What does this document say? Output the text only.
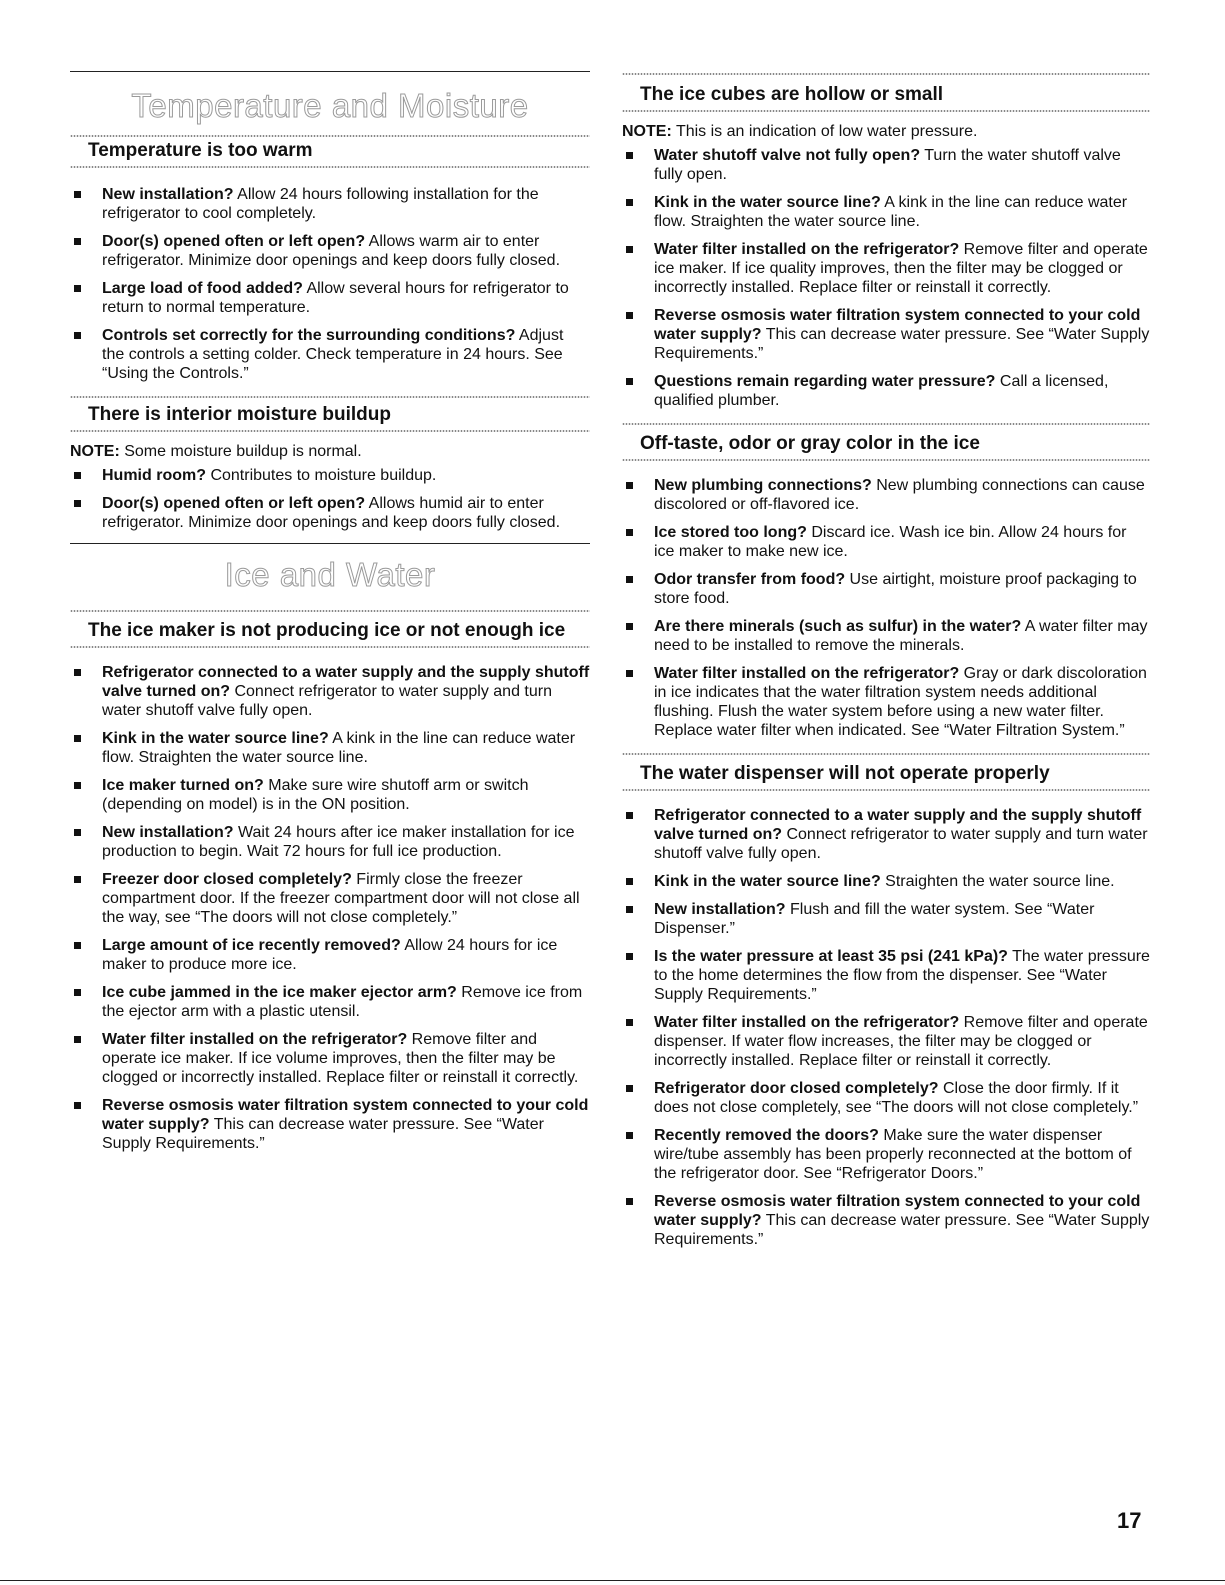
Temperature and Moisture
Temperature is too warm
New installation? Allow 24 hours following installation for the refrigerator to cool completely.
Door(s) opened often or left open? Allows warm air to enter refrigerator. Minimize door openings and keep doors fully closed.
Large load of food added? Allow several hours for refrigerator to return to normal temperature.
Controls set correctly for the surrounding conditions? Adjust the controls a setting colder. Check temperature in 24 hours. See “Using the Controls.”
There is interior moisture buildup

NOTE: Some moisture buildup is normal.

Humid room? Contributes to moisture buildup.
Door(s) opened often or left open? Allows humid air to enter refrigerator. Minimize door openings and keep doors fully closed.
Ice and Water
The ice maker is not producing ice or not enough ice
Refrigerator connected to a water supply and the supply shutoff valve turned on? Connect refrigerator to water supply and turn water shutoff valve fully open.
Kink in the water source line? A kink in the line can reduce water flow. Straighten the water source line.
Ice maker turned on? Make sure wire shutoff arm or switch (depending on model) is in the ON position.
New installation? Wait 24 hours after ice maker installation for ice production to begin. Wait 72 hours for full ice production.
Freezer door closed completely? Firmly close the freezer compartment door. If the freezer compartment door will not close all the way, see “The doors will not close completely.”
Large amount of ice recently removed? Allow 24 hours for ice maker to produce more ice.
Ice cube jammed in the ice maker ejector arm? Remove ice from the ejector arm with a plastic utensil.
Water filter installed on the refrigerator? Remove filter and operate ice maker. If ice volume improves, then the filter may be clogged or incorrectly installed. Replace filter or reinstall it correctly.
Reverse osmosis water filtration system connected to your cold water supply? This can decrease water pressure. See “Water Supply Requirements.”
The ice cubes are hollow or small

NOTE: This is an indication of low water pressure.

Water shutoff valve not fully open? Turn the water shutoff valve fully open.
Kink in the water source line? A kink in the line can reduce water flow. Straighten the water source line.
Water filter installed on the refrigerator? Remove filter and operate ice maker. If ice quality improves, then the filter may be clogged or incorrectly installed. Replace filter or reinstall it correctly.
Reverse osmosis water filtration system connected to your cold water supply? This can decrease water pressure. See “Water Supply Requirements.”
Questions remain regarding water pressure? Call a licensed, qualified plumber.
Off-taste, odor or gray color in the ice
New plumbing connections? New plumbing connections can cause discolored or off-flavored ice.
Ice stored too long? Discard ice. Wash ice bin. Allow 24 hours for ice maker to make new ice.
Odor transfer from food? Use airtight, moisture proof packaging to store food.
Are there minerals (such as sulfur) in the water? A water filter may need to be installed to remove the minerals.
Water filter installed on the refrigerator? Gray or dark discoloration in ice indicates that the water filtration system needs additional flushing. Flush the water system before using a new water filter. Replace water filter when indicated. See “Water Filtration System.”
The water dispenser will not operate properly
Refrigerator connected to a water supply and the supply shutoff valve turned on? Connect refrigerator to water supply and turn water shutoff valve fully open.
Kink in the water source line? Straighten the water source line.
New installation? Flush and fill the water system. See “Water Dispenser.”
Is the water pressure at least 35 psi (241 kPa)? The water pressure to the home determines the flow from the dispenser. See “Water Supply Requirements.”
Water filter installed on the refrigerator? Remove filter and operate dispenser. If water flow increases, the filter may be clogged or incorrectly installed. Replace filter or reinstall it correctly.
Refrigerator door closed completely? Close the door firmly. If it does not close completely, see “The doors will not close completely.”
Recently removed the doors? Make sure the water dispenser wire/tube assembly has been properly reconnected at the bottom of the refrigerator door. See “Refrigerator Doors.”
Reverse osmosis water filtration system connected to your cold water supply? This can decrease water pressure. See “Water Supply Requirements.”
17
